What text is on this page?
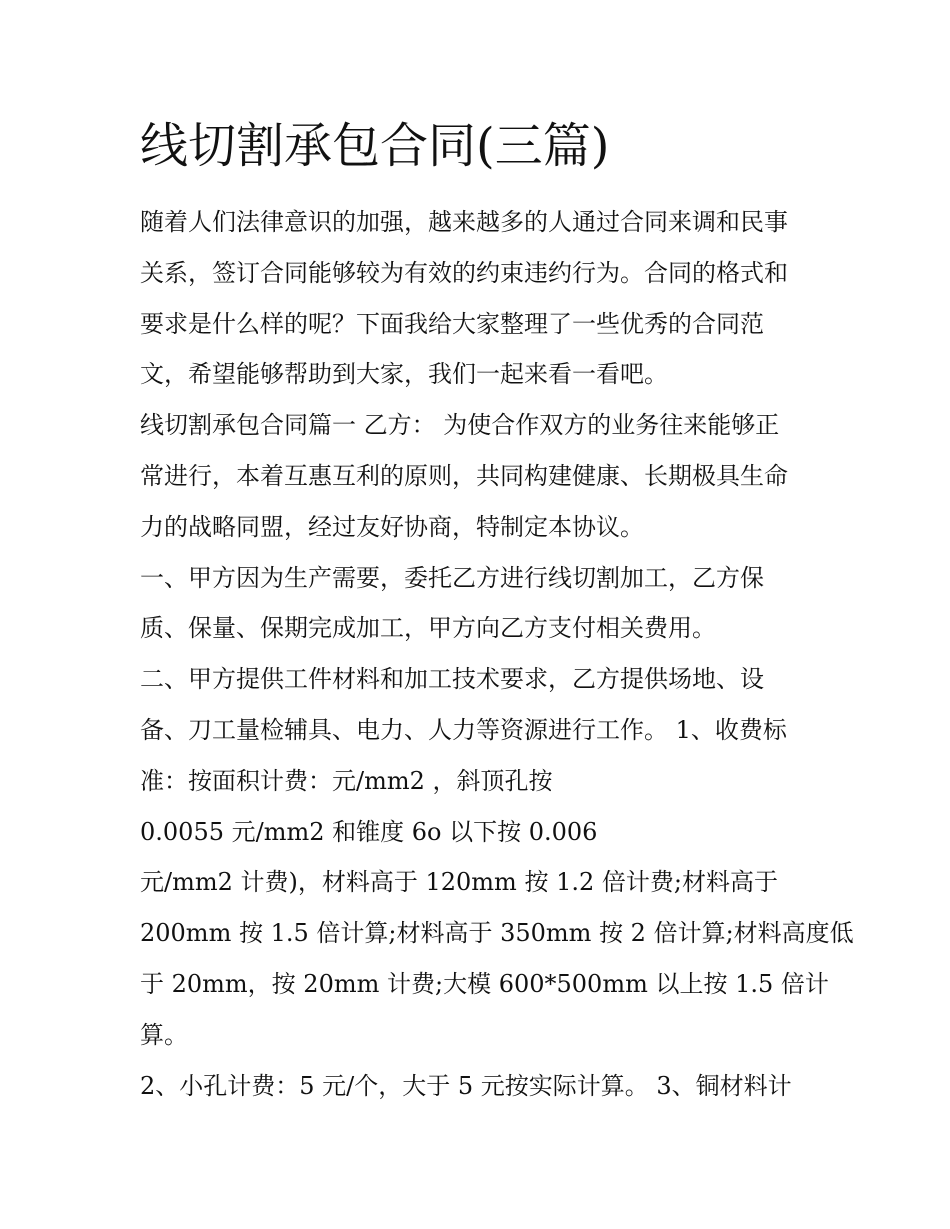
线切割承包合同(三篇)

随着人们法律意识的加强，越来越多的人通过合同来调和民事

关系，签订合同能够较为有效的约束违约行为。合同的格式和

要求是什么样的呢？下面我给大家整理了一些优秀的合同范

文，希望能够帮助到大家，我们一起来看一看吧。

线切割承包合同篇一 乙方： 为使合作双方的业务往来能够正

常进行，本着互惠互利的原则，共同构建健康、长期极具生命

力的战略同盟，经过友好协商，特制定本协议。

一、甲方因为生产需要，委托乙方进行线切割加工，乙方保

质、保量、保期完成加工，甲方向乙方支付相关费用。

二、甲方提供工件材料和加工技术要求，乙方提供场地、设

备、刀工量检辅具、电力、人力等资源进行工作。 1、收费标

准：按面积计费：元/mm2 ，斜顶孔按

0.0055 元/mm2 和锥度 6o 以下按 0.006

元/mm2 计费)，材料高于 120mm 按 1.2 倍计费;材料高于

200mm 按 1.5 倍计算;材料高于 350mm 按 2 倍计算;材料高度低

于 20mm，按 20mm 计费;大模 600*500mm 以上按 1.5 倍计

算。

2、小孔计费：5 元/个，大于 5 元按实际计算。 3、铜材料计
